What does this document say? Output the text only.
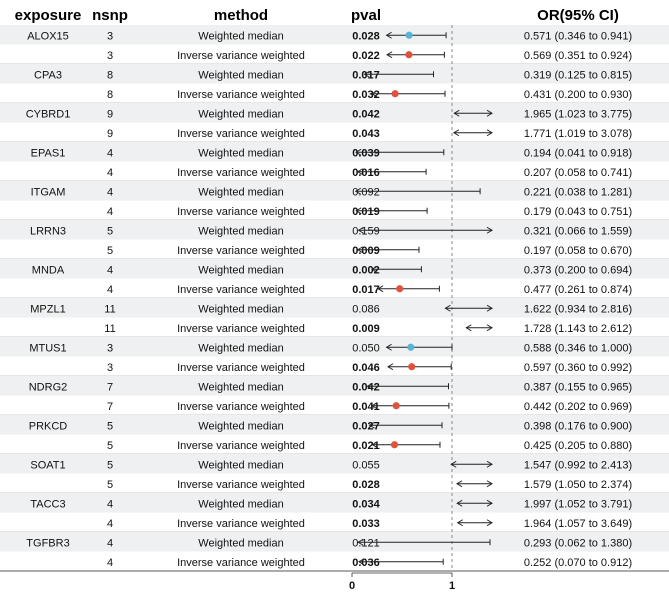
exposure nsnp	method	pval	OR(95% CI)
ALOX15	3	Weighted median	0.028	0.571 (0.346 to 0.941)
3	Inverse variance weighted	0.022	0.569 (0.351 to 0.924)
CPA3	8	Weighted median	0.017	0.319 (0.125 to 0.815)
8	Inverse variance weighted	0.032	0.431 (0.200 to 0.930)
CYBRD1	9	Weighted median	0.042	1.965 (1.023 to 3.775)
9	Inverse variance weighted	0.043	1.771 (1.019 to 3.078)
EPAS1	4	Weighted median	0.039	0.194 (0.041 to 0.918)
4	Inverse variance weighted	0.016	0.207 (0.058 to 0.741)
ITGAM	4	Weighted median	0.092	0.221 (0.038 to 1.281)
4	Inverse variance weighted	0.019	0.179 (0.043 to 0.751)
LRRN3	5	Weighted median	0.159	0.321 (0.066 to 1.559)
5	Inverse variance weighted	0.009	0.197 (0.058 to 0.670)
MNDA	4	Weighted median	0.002	0.373 (0.200 to 0.694)
4	Inverse variance weighted	0.017	0.477 (0.261 to 0.874)
MPZL1	11	Weighted median	0.086	1.622 (0.934 to 2.816)
11	Inverse variance weighted	0.009	1.728 (1.143 to 2.612)
MTUS1	3	Weighted median	0.050	0.588 (0.346 to 1.000)
3	Inverse variance weighted	0.046	0.597 (0.360 to 0.992)
NDRG2	7	Weighted median	0.042	0.387 (0.155 to 0.965)
7	Inverse variance weighted	0.041	0.442 (0.202 to 0.969)
PRKCD	5	Weighted median	0.027	0.398 (0.176 to 0.900)
5	Inverse variance weighted	0.021	0.425 (0.205 to 0.880)
SOAT1	5	Weighted median	0.055	1.547 (0.992 to 2.413)
5	Inverse variance weighted	0.028	1.579 (1.050 to 2.374)
TACC3	4	Weighted median	0.034	1.997 (1.052 to 3.791)
4	Inverse variance weighted	0.033	1.964 (1.057 to 3.649)
TGFBR3	4	Weighted median	0.121	0.293 (0.062 to 1.380)
4	Inverse variance weighted	0.036	0.252 (0.070 to 0.912)
0	1
